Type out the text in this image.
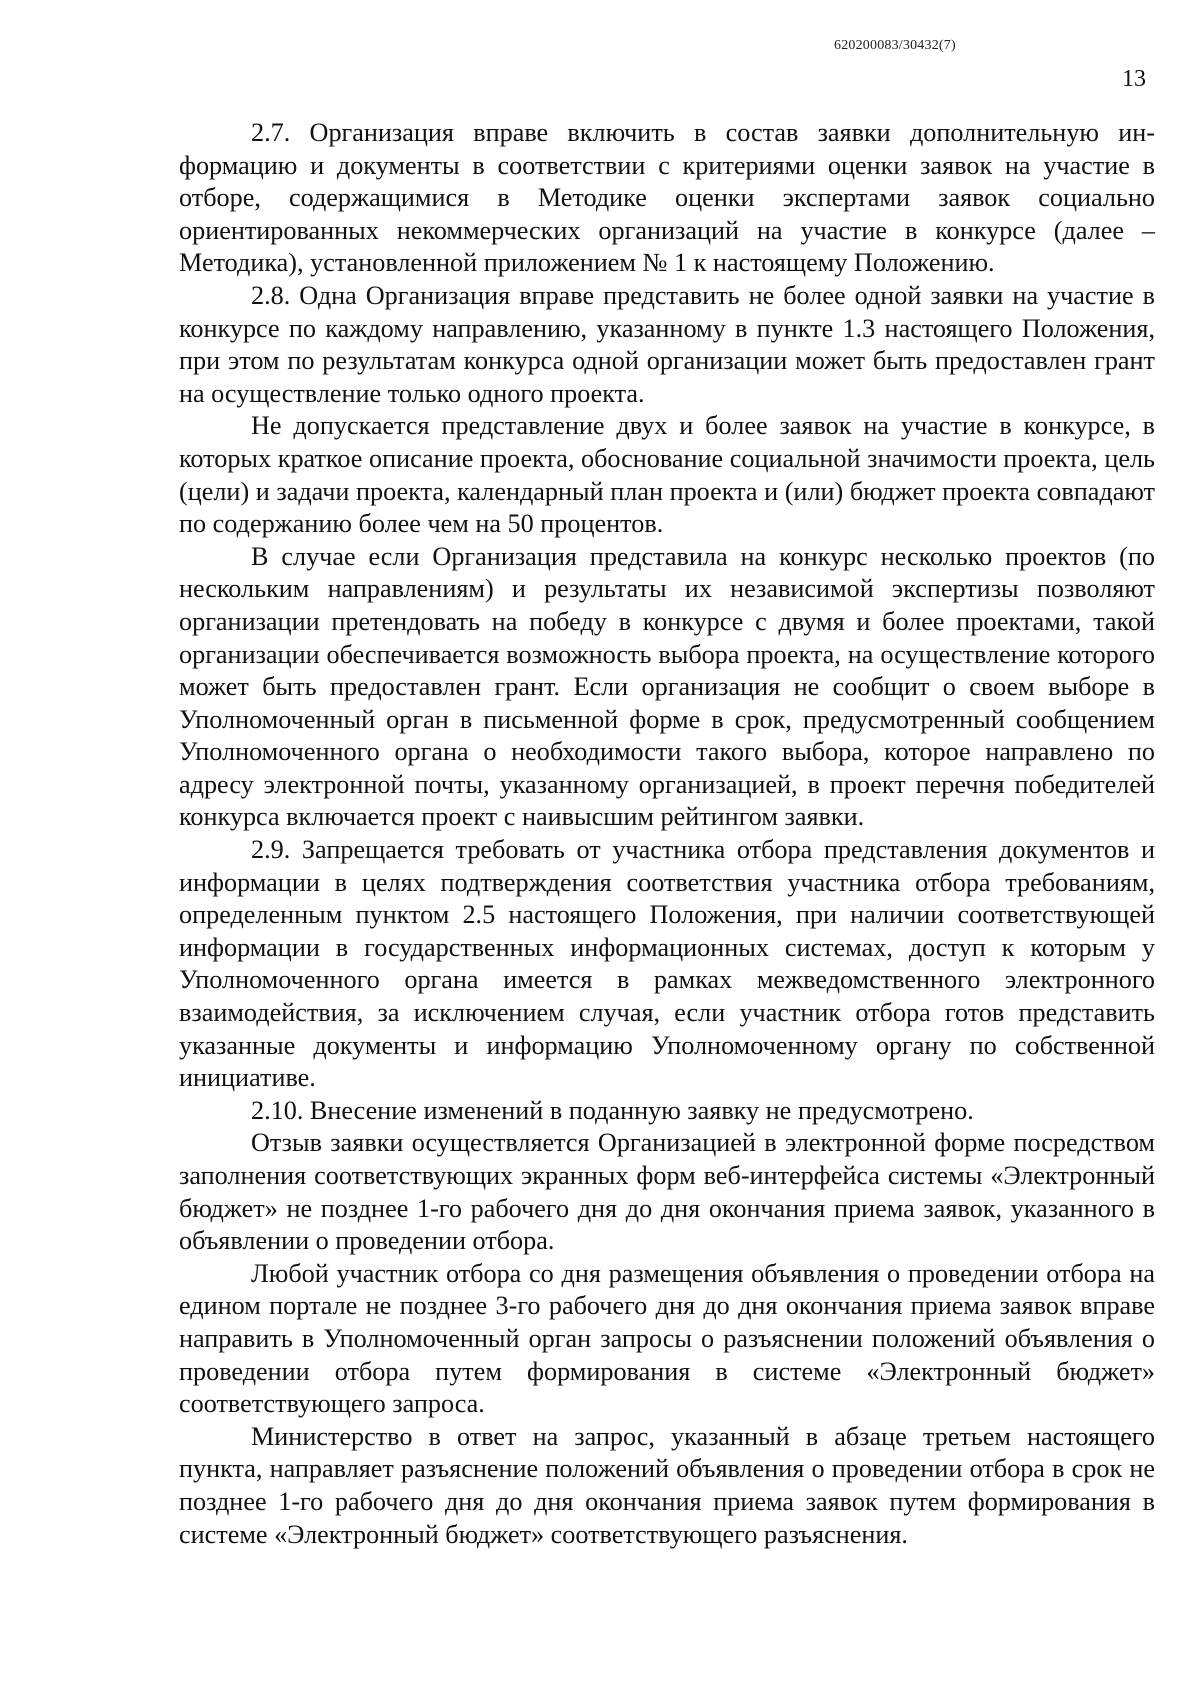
620200083/30432(7)
13

2.7. Организация вправе включить в состав заявки дополнительную информацию и документы в соответствии с критериями оценки заявок на участие в отборе, содержащимися в Методике оценки экспертами заявок социально ориентированных некоммерческих организаций на участие в конкурсе (далее – Методика), установленной приложением № 1 к настоящему Положению.

2.8. Одна Организация вправе представить не более одной заявки на участие в конкурсе по каждому направлению, указанному в пункте 1.3 настоящего Положения, при этом по результатам конкурса одной организации может быть предоставлен грант на осуществление только одного проекта.

Не допускается представление двух и более заявок на участие в конкурсе, в которых краткое описание проекта, обоснование социальной значимости проекта, цель (цели) и задачи проекта, календарный план проекта и (или) бюджет проекта совпадают по содержанию более чем на 50 процентов.

В случае если Организация представила на конкурс несколько проектов (по нескольким направлениям) и результаты их независимой экспертизы позволяют организации претендовать на победу в конкурсе с двумя и более проектами, такой организации обеспечивается возможность выбора проекта, на осуществление которого может быть предоставлен грант. Если организация не сообщит о своем выборе в Уполномоченный орган в письменной форме в срок, предусмотренный сообщением Уполномоченного органа о необходимости такого выбора, которое направлено по адресу электронной почты, указанному организацией, в проект перечня победителей конкурса включается проект с наивысшим рейтингом заявки.

2.9. Запрещается требовать от участника отбора представления документов и информации в целях подтверждения соответствия участника отбора требованиям, определенным пунктом 2.5 настоящего Положения, при наличии соответствующей информации в государственных информационных системах, доступ к которым у Уполномоченного органа имеется в рамках межведомственного электронного взаимодействия, за исключением случая, если участник отбора готов представить указанные документы и информацию Уполномоченному органу по собственной инициативе.

2.10. Внесение изменений в поданную заявку не предусмотрено.

Отзыв заявки осуществляется Организацией в электронной форме посредством заполнения соответствующих экранных форм веб-интерфейса системы «Электронный бюджет» не позднее 1-го рабочего дня до дня окончания приема заявок, указанного в объявлении о проведении отбора.

Любой участник отбора со дня размещения объявления о проведении отбора на едином портале не позднее 3-го рабочего дня до дня окончания приема заявок вправе направить в Уполномоченный орган запросы о разъяснении положений объявления о проведении отбора путем формирования в системе «Электронный бюджет» соответствующего запроса.

Министерство в ответ на запрос, указанный в абзаце третьем настоящего пункта, направляет разъяснение положений объявления о проведении отбора в срок не позднее 1-го рабочего дня до дня окончания приема заявок путем формирования в системе «Электронный бюджет» соответствующего разъяснения.
